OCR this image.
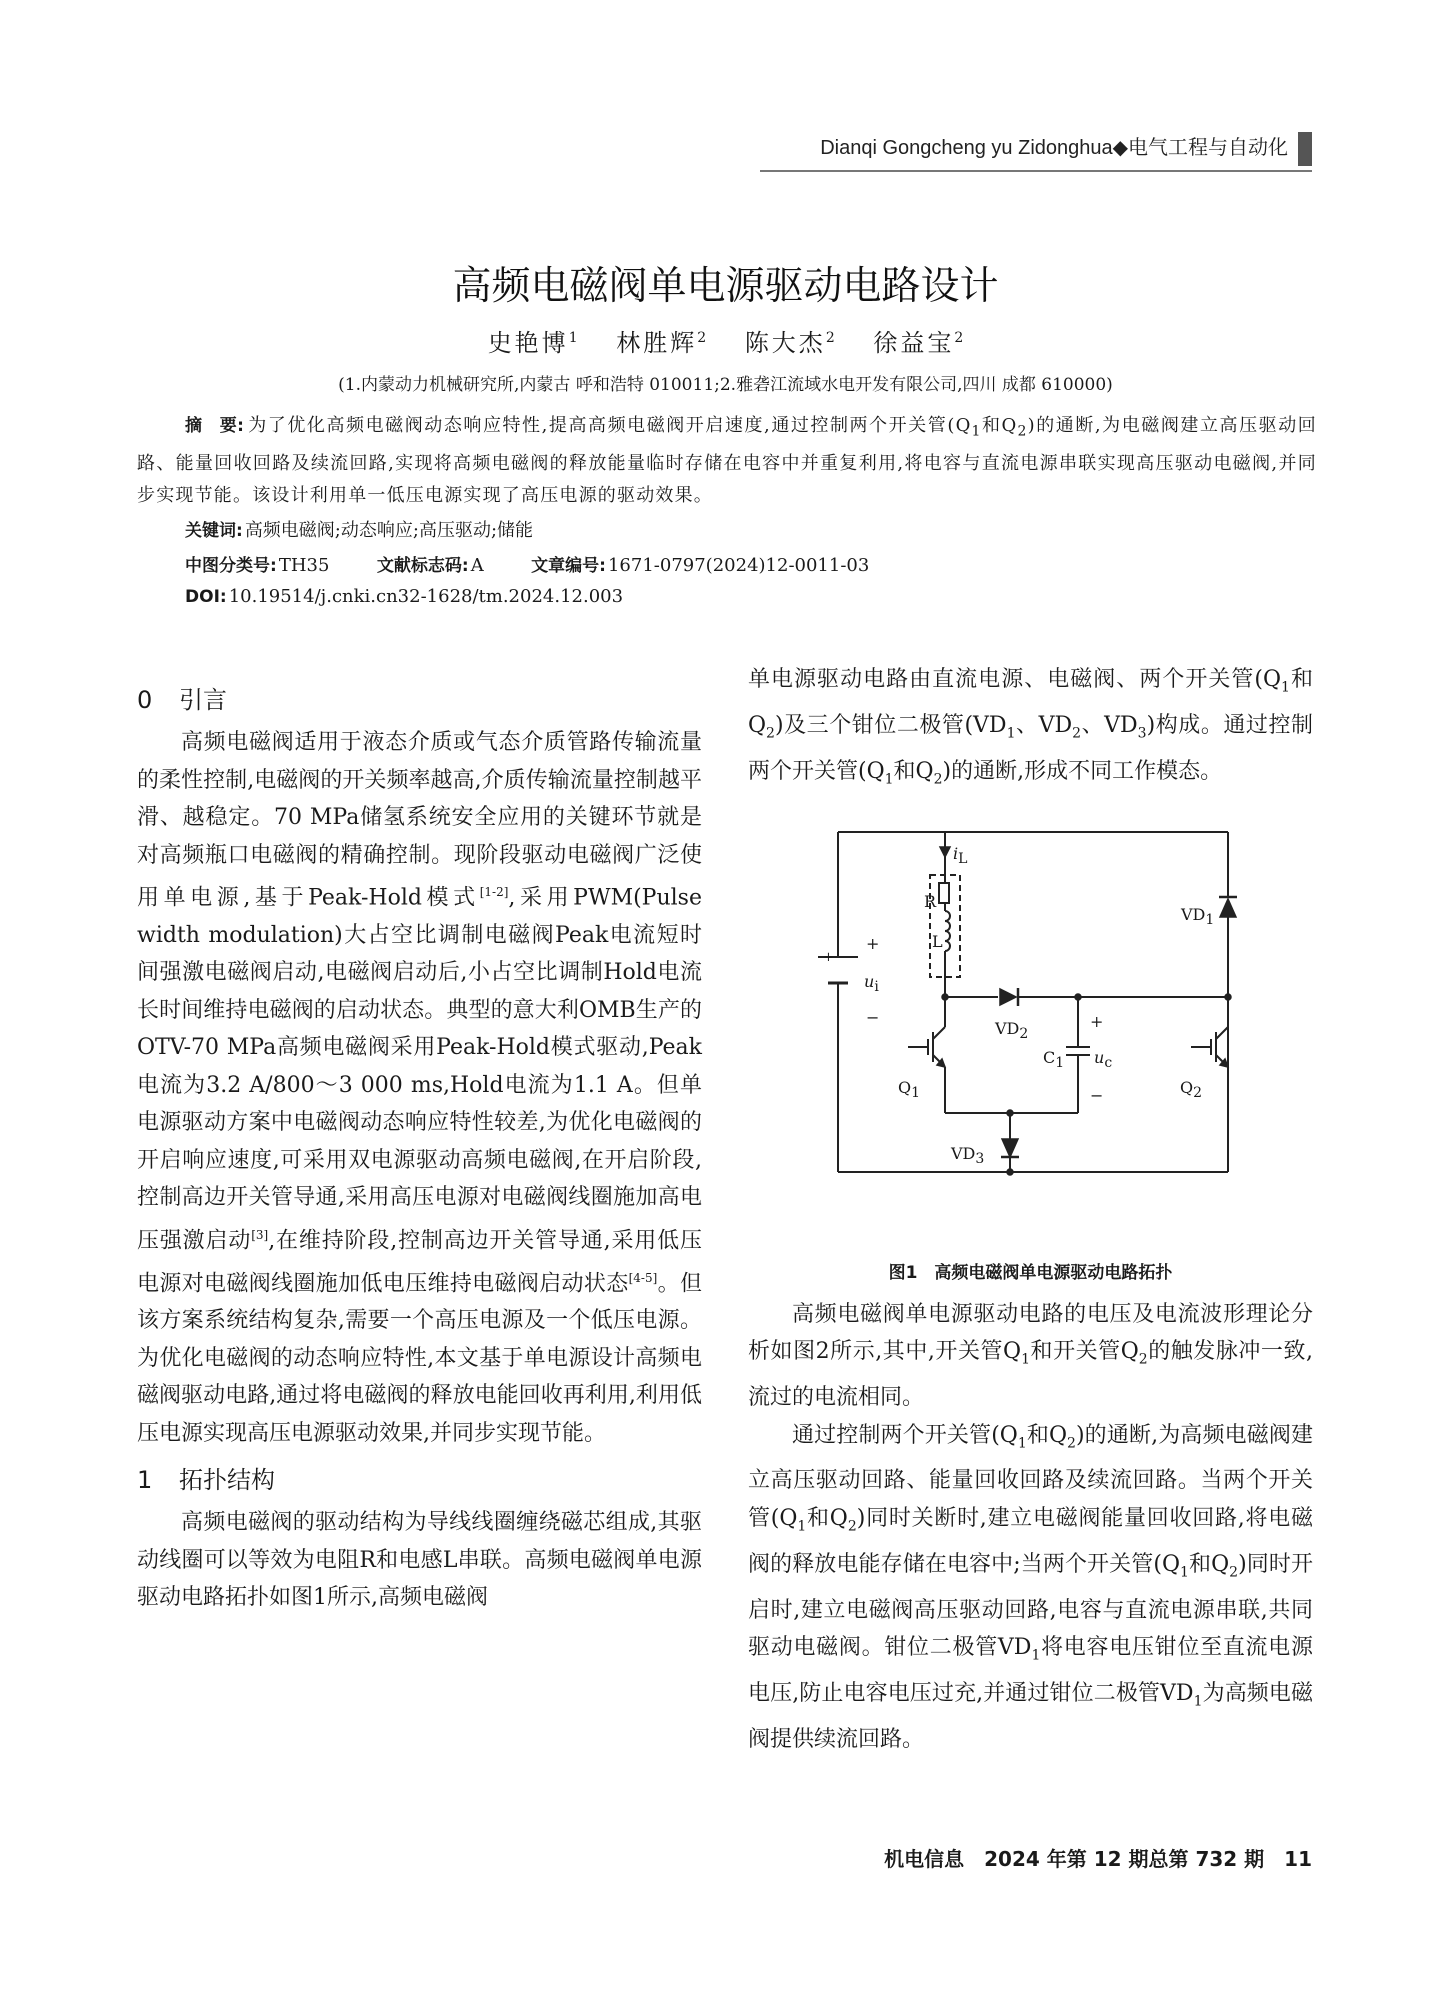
Dianqi Gongcheng yu Zidonghua◆电气工程与自动化
高频电磁阀单电源驱动电路设计
史艳博$^1$ 林胜辉$^2$ 陈大杰$^2$ 徐益宝$^2$
(1.内蒙动力机械研究所,内蒙古 呼和浩特 010011;2.雅砻江流域水电开发有限公司,四川 成都 610000)
摘　要: 为了优化高频电磁阀动态响应特性,提高高频电磁阀开启速度,通过控制两个开关管($Q_1$和$Q_2$)的通断,为电磁阀建立高压驱动回路、能量回收回路及续流回路,实现将高频电磁阀的释放能量临时存储在电容中并重复利用,将电容与直流电源串联实现高压驱动电磁阀,并同步实现节能。该设计利用单一低压电源实现了高压电源的驱动效果。
关键词: 高频电磁阀;动态响应;高压驱动;储能
中图分类号: TH35	文献标志码: A	文章编号: 1671-0797(2024)12-0011-03
DOI: 10.19514/j.cnki.cn32-1628/tm.2024.12.003
0 引言

高频电磁阀适用于液态介质或气态介质管路传输流量的柔性控制,电磁阀的开关频率越高,介质传输流量控制越平滑、越稳定。70 MPa储氢系统安全应用的关键环节就是对高频瓶口电磁阀的精确控制。现阶段驱动电磁阀广泛使用单电源,基于Peak-Hold模式[1-2],采用PWM(Pulse width modulation)大占空比调制电磁阀Peak电流短时间强激电磁阀启动,电磁阀启动后,小占空比调制Hold电流长时间维持电磁阀的启动状态。典型的意大利OMB生产的OTV-70 MPa高频电磁阀采用Peak-Hold模式驱动,Peak电流为3.2 A/800～3 000 ms,Hold电流为1.1 A。但单电源驱动方案中电磁阀动态响应特性较差,为优化电磁阀的开启响应速度,可采用双电源驱动高频电磁阀,在开启阶段,控制高边开关管导通,采用高压电源对电磁阀线圈施加高电压强激启动[3],在维持阶段,控制高边开关管导通,采用低压电源对电磁阀线圈施加低电压维持电磁阀启动状态[4-5]。但该方案系统结构复杂,需要一个高压电源及一个低压电源。为优化电磁阀的动态响应特性,本文基于单电源设计高频电磁阀驱动电路,通过将电磁阀的释放电能回收再利用,利用低压电源实现高压电源驱动效果,并同步实现节能。

1 拓扑结构

高频电磁阀的驱动结构为导线线圈缠绕磁芯组成,其驱动线圈可以等效为电阻R和电感L串联。高频电磁阀单电源驱动电路拓扑如图1所示,高频电磁阀

单电源驱动电路由直流电源、电磁阀、两个开关管($Q_1$和$Q_2$)及三个钳位二极管($VD_1$、$VD_2$、$VD_3$)构成。通过控制两个开关管($Q_1$和$Q_2$)的通断,形成不同工作模态。

$i_L$
R
L
$VD_1$
$VD_2$
$VD_3$
$C_1$ $u_c$
$u_i$
$Q_1$	$Q_2$
+
+
−	+
−
图1　高频电磁阀单电源驱动电路拓扑

高频电磁阀单电源驱动电路的电压及电流波形理论分析如图2所示,其中,开关管$Q_1$和开关管$Q_2$的触发脉冲一致,流过的电流相同。

通过控制两个开关管($Q_1$和$Q_2$)的通断,为高频电磁阀建立高压驱动回路、能量回收回路及续流回路。当两个开关管($Q_1$和$Q_2$)同时关断时,建立电磁阀能量回收回路,将电磁阀的释放电能存储在电容中;当两个开关管($Q_1$和$Q_2$)同时开启时,建立电磁阀高压驱动回路,电容与直流电源串联,共同驱动电磁阀。钳位二极管$VD_1$将电容电压钳位至直流电源电压,防止电容电压过充,并通过钳位二极管$VD_1$为高频电磁阀提供续流回路。

机电信息　2024 年第 12 期总第 732 期　11
